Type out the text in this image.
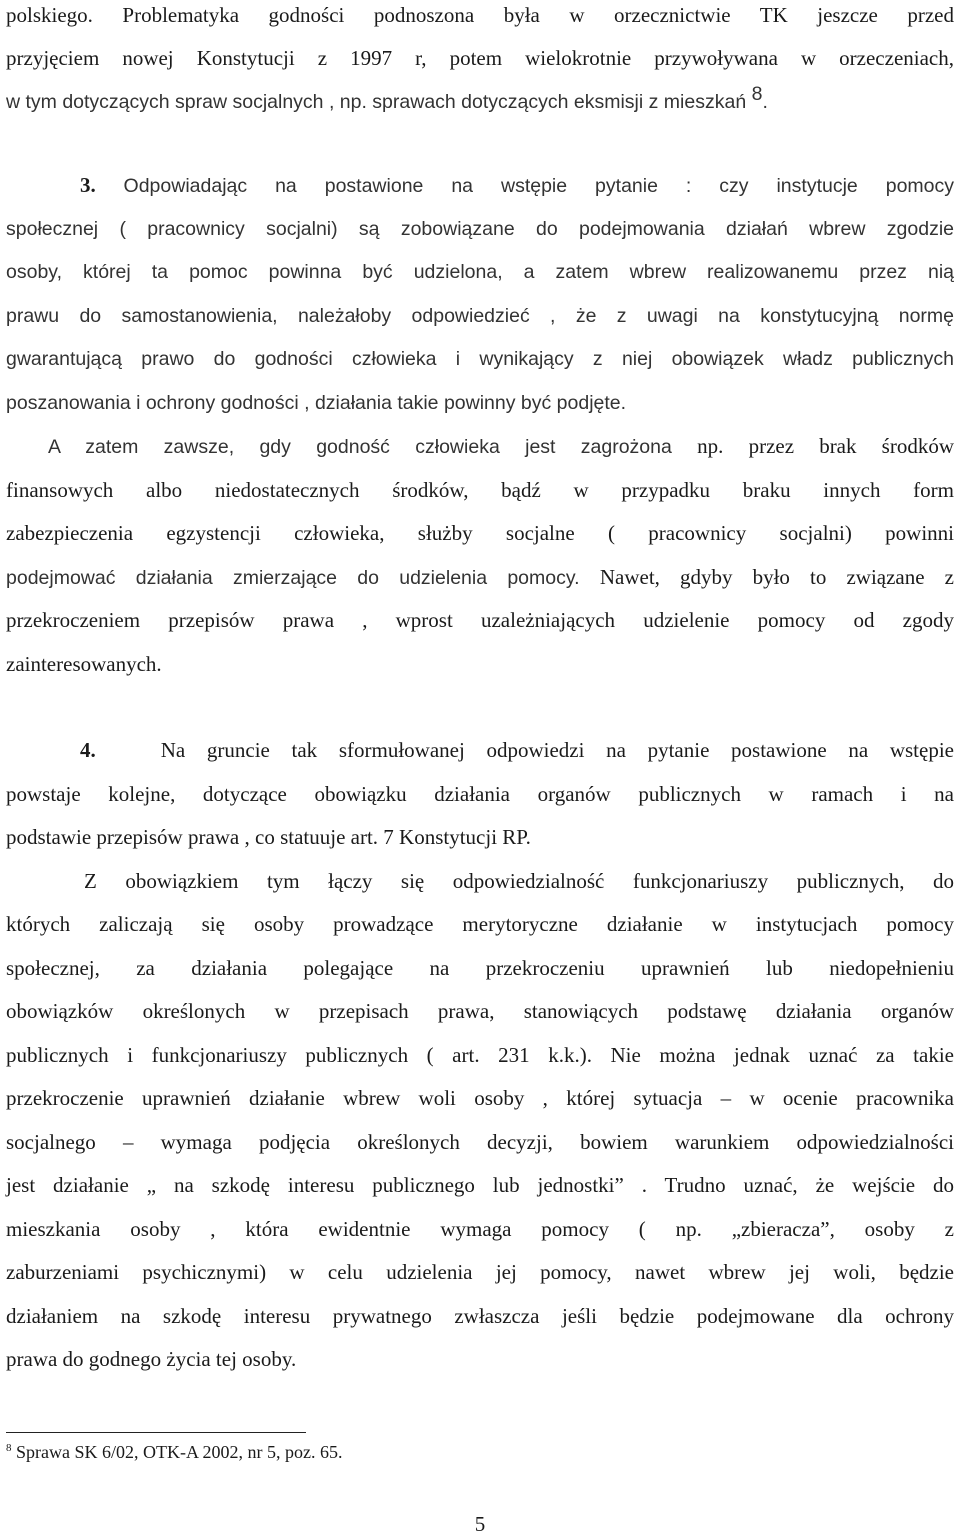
polskiego. Problematyka godności podnoszona była w orzecznictwie TK jeszcze przed
przyjęciem nowej Konstytucji z 1997 r, potem wielokrotnie przywoływana w orzeczeniach,
w tym dotyczących spraw socjalnych , np. sprawach dotyczących eksmisji z mieszkań $^8$.
3. Odpowiadając na postawione na wstępie pytanie : czy instytucje pomocy
społecznej ( pracownicy socjalni) są zobowiązane do podejmowania działań wbrew zgodzie
osoby, której ta pomoc powinna być udzielona, a zatem wbrew realizowanemu przez nią
prawu do samostanowienia, należałoby odpowiedzieć , że z uwagi na konstytucyjną normę
gwarantującą prawo do godności człowieka i wynikający z niej obowiązek władz publicznych
poszanowania i ochrony godności , działania takie powinny być podjęte.
A zatem zawsze, gdy godność człowieka jest zagrożona np. przez brak środków
finansowych albo niedostatecznych środków, bądź w przypadku braku innych form
zabezpieczenia egzystencji człowieka, służby socjalne ( pracownicy socjalni) powinni
podejmować działania zmierzające do udzielenia pomocy. Nawet, gdyby było to związane z
przekroczeniem przepisów prawa , wprost uzależniających udzielenie pomocy od zgody
zainteresowanych.
4.	Na gruncie tak sformułowanej odpowiedzi na pytanie postawione na wstępie
powstaje kolejne, dotyczące obowiązku działania organów publicznych w ramach i na
podstawie przepisów prawa , co statuuje art. 7 Konstytucji RP.
Z obowiązkiem tym łączy się odpowiedzialność funkcjonariuszy publicznych, do
których zaliczają się osoby prowadzące merytoryczne działanie w instytucjach pomocy
społecznej, za działania polegające na przekroczeniu uprawnień lub niedopełnieniu
obowiązków określonych w przepisach prawa, stanowiących podstawę działania organów
publicznych i funkcjonariuszy publicznych ( art. 231 k.k.). Nie można jednak uznać za takie
przekroczenie uprawnień działanie wbrew woli osoby , której sytuacja – w ocenie pracownika
socjalnego – wymaga podjęcia określonych decyzji, bowiem warunkiem odpowiedzialności
jest działanie „ na szkodę interesu publicznego lub jednostki” . Trudno uznać, że wejście do
mieszkania osoby , która ewidentnie wymaga pomocy ( np. „zbieracza”, osoby z
zaburzeniami psychicznymi) w celu udzielenia jej pomocy, nawet wbrew jej woli, będzie
działaniem na szkodę interesu prywatnego zwłaszcza jeśli będzie podejmowane dla ochrony
prawa do godnego życia tej osoby.
$^8$ Sprawa SK 6/02, OTK-A 2002, nr 5, poz. 65.
5
